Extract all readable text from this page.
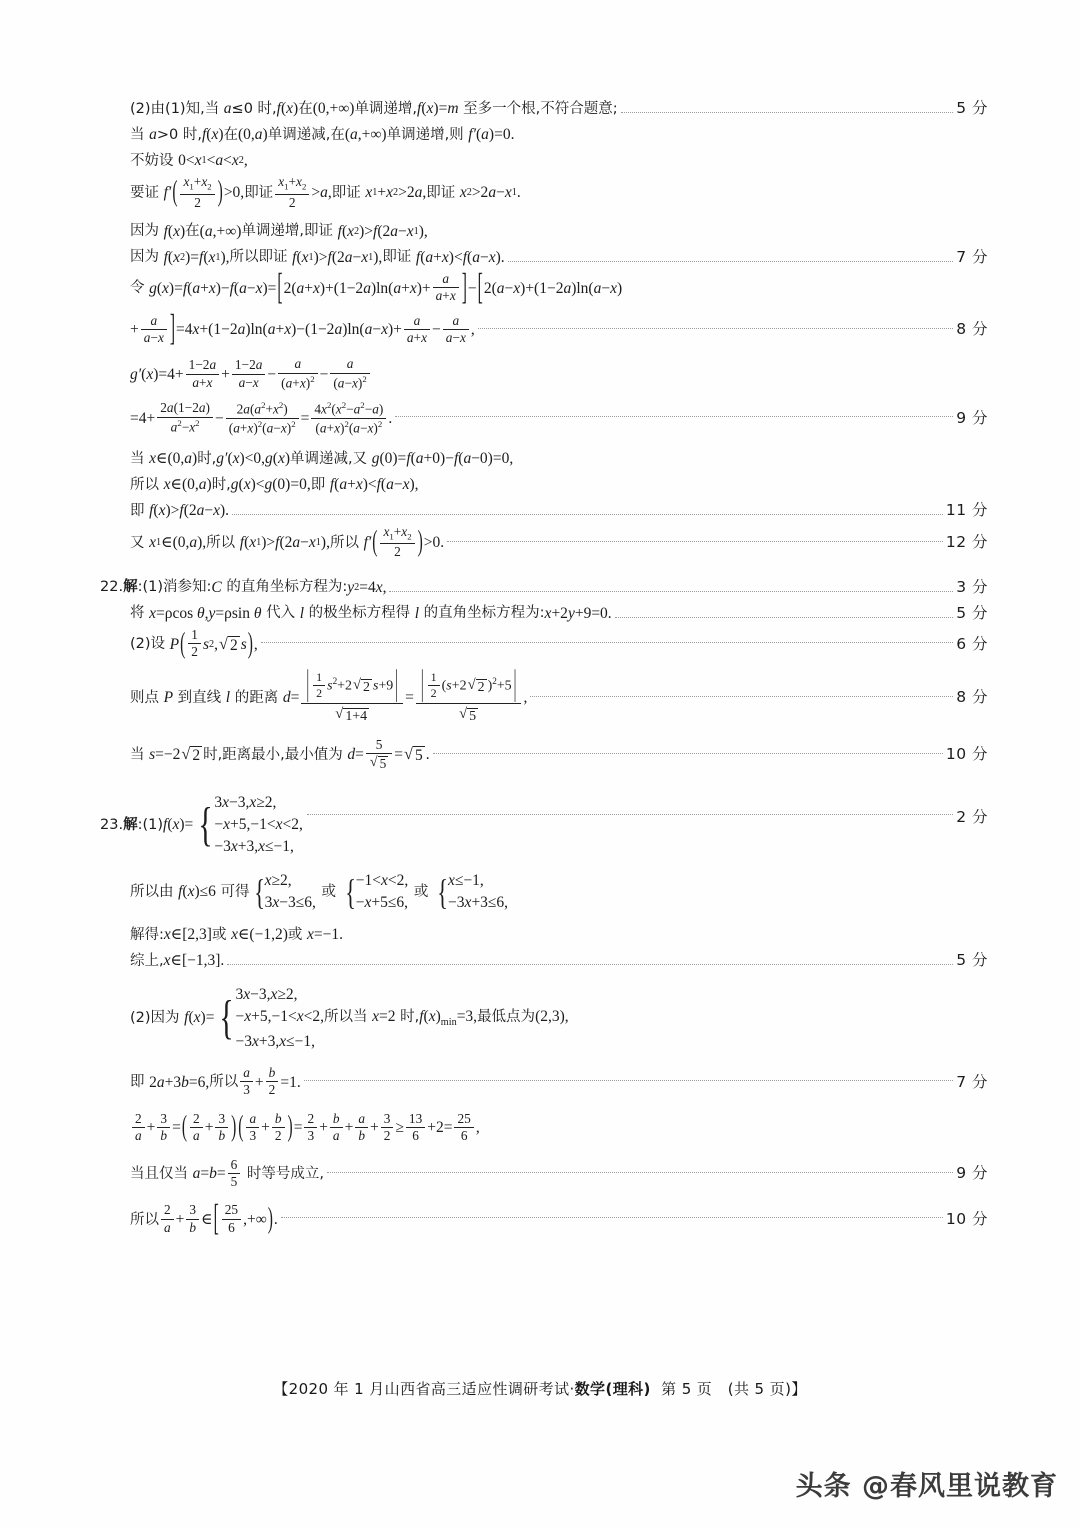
(2)由(1)知,当 a ≤0 时, f ( x ) 在 (0,+∞) 单调递增, f ( x )= m 至多一个根,不符合题意;	5 分
当 a >0 时, f ( x ) 在 (0, a ) 单调递减,在 ( a ,+∞) 单调递增,则 f ′ ( a )=0.
不妨设 0< x 1 < a < x 2 ,
要证 f ′ ( $\frac{x_1+x_2}{2}$ ) >0, 即证 $\frac{x_1+x_2}{2} > a$ , 即证 x 1 + x 2 >2 a , 即证 x 2 >2 a − x 1 .
因为 f ( x ) 在 ( a ,+∞) 单调递增,即证 f ( x 2 )> f (2 a − x 1 ),
因为 f ( x 2 )= f ( x 1 ), 所以即证 f ( x 1 )> f (2 a − x 1 ), 即证 f ( a + x )< f ( a − x ).	7 分
令 g ( x )= f ( a + x )− f ( a − x )= [ 2( a + x )+(1−2 a )ln( a + x )+ $\frac{a}{a+x}$ ] − [ 2( a − x )+(1−2 a )ln( a − x )
+ $\frac{a}{a-x}$ ] =4 x +(1−2 a )ln( a + x )−(1−2 a )ln( a − x )+ $\frac{a}{a+x} - \frac{a}{a-x}$ ,	8 分
g ′ ( x )$=4+ \frac{1-2a}{a+x} + \frac{1-2a}{a-x} - \frac{a}{(a+x)^2} - \frac{a}{(a-x)^2}$
$=4+ \frac{2a(1-2a)}{a^2-x^2} - \frac{2a(a^2+x^2)}{(a+x)^2(a-x)^2} = \frac{4x^2(x^2-a^2-a)}{(a+x)^2(a-x)^2}$ .	9 分
当 x ∈(0, a ) 时, g ′ ( x )<0, g ( x ) 单调递减,又 g (0)= f ( a +0)− f ( a −0)=0,
所以 x ∈(0, a ) 时, g ( x )< g (0)=0, 即 f ( a + x )< f ( a − x ),
即 f ( x )> f (2 a − x ).	11 分
又 x 1 ∈(0, a ), 所以 f ( x 1 )> f (2 a − x 1 ), 所以 f ′ ( $\frac{x_1+x_2}{2}$ ) >0.	12 分
22. 解 :(1)消参知: C 的直角坐标方程为: y 2 =4 x ,	3 分
将 x =ρcos θ , y =ρsin θ 代入 l 的极坐标方程得 l 的直角坐标方程为: x +2 y +9=0.	5 分
(2)设 P ( $\frac{1}{2}$ s 2 , √ 2 s ) ,	6 分
则点 P 到直线 l 的距离 $d = \frac{| \frac{1}{2} s^2+2 √ 2 s+9 |}{√ 1+4} = \frac{| \frac{1}{2} (s+2 √ 2 )^2+5 |}{√ 5}$ ,	8 分
当 s =−2 √ 2 时,距离最小,最小值为 $d = \frac{5}{√ 5}$ = √ 5 .	10 分
23. 解 :(1) f ( x )= { 3x−3,x≥2,
−x+5,−1<x<2,
−3x+3,x≤−1,
2 分
所以由 f ( x )≤6 可得 { x≥2,
3x−3≤6,
或 { −1<x<2,
−x+5≤6,
或 { x≤−1,
−3x+3≤6,
解得: x ∈[2,3] 或 x ∈(−1,2) 或 x =−1.
综上, x ∈[−1,3].	5 分
(2)因为 f ( x )= { 3x−3,x≥2,
−x+5,−1<x<2,所以当 x=2 时$,f(x)_{min}=3$,最低点为(2,3),
−3x+3,x≤−1,
即 2 a +3 b =6, 所以 $\frac{a}{3} + \frac{b}{2} =1$.	7 分
$\frac{2}{a} + \frac{3}{b}$ = ( $\frac{2}{a} + \frac{3}{b}$ ) ( $\frac{a}{3} + \frac{b}{2}$ ) = $\frac{2}{3} + \frac{b}{a} + \frac{a}{b} + \frac{3}{2} \ge \frac{13}{6} +2= \frac{25}{6}$ ,
当且仅当 $a = b = \frac{6}{5}$ 时等号成立,	9 分
所以 $\frac{2}{a} + \frac{3}{b}$ ∈ [ $\frac{25}{6}$ ,+∞ ) .	10 分
【2020 年 1 月山西省高三适应性调研考试·数学(理科) 第 5 页 (共 5 页)】
头条 @春风里说教育
